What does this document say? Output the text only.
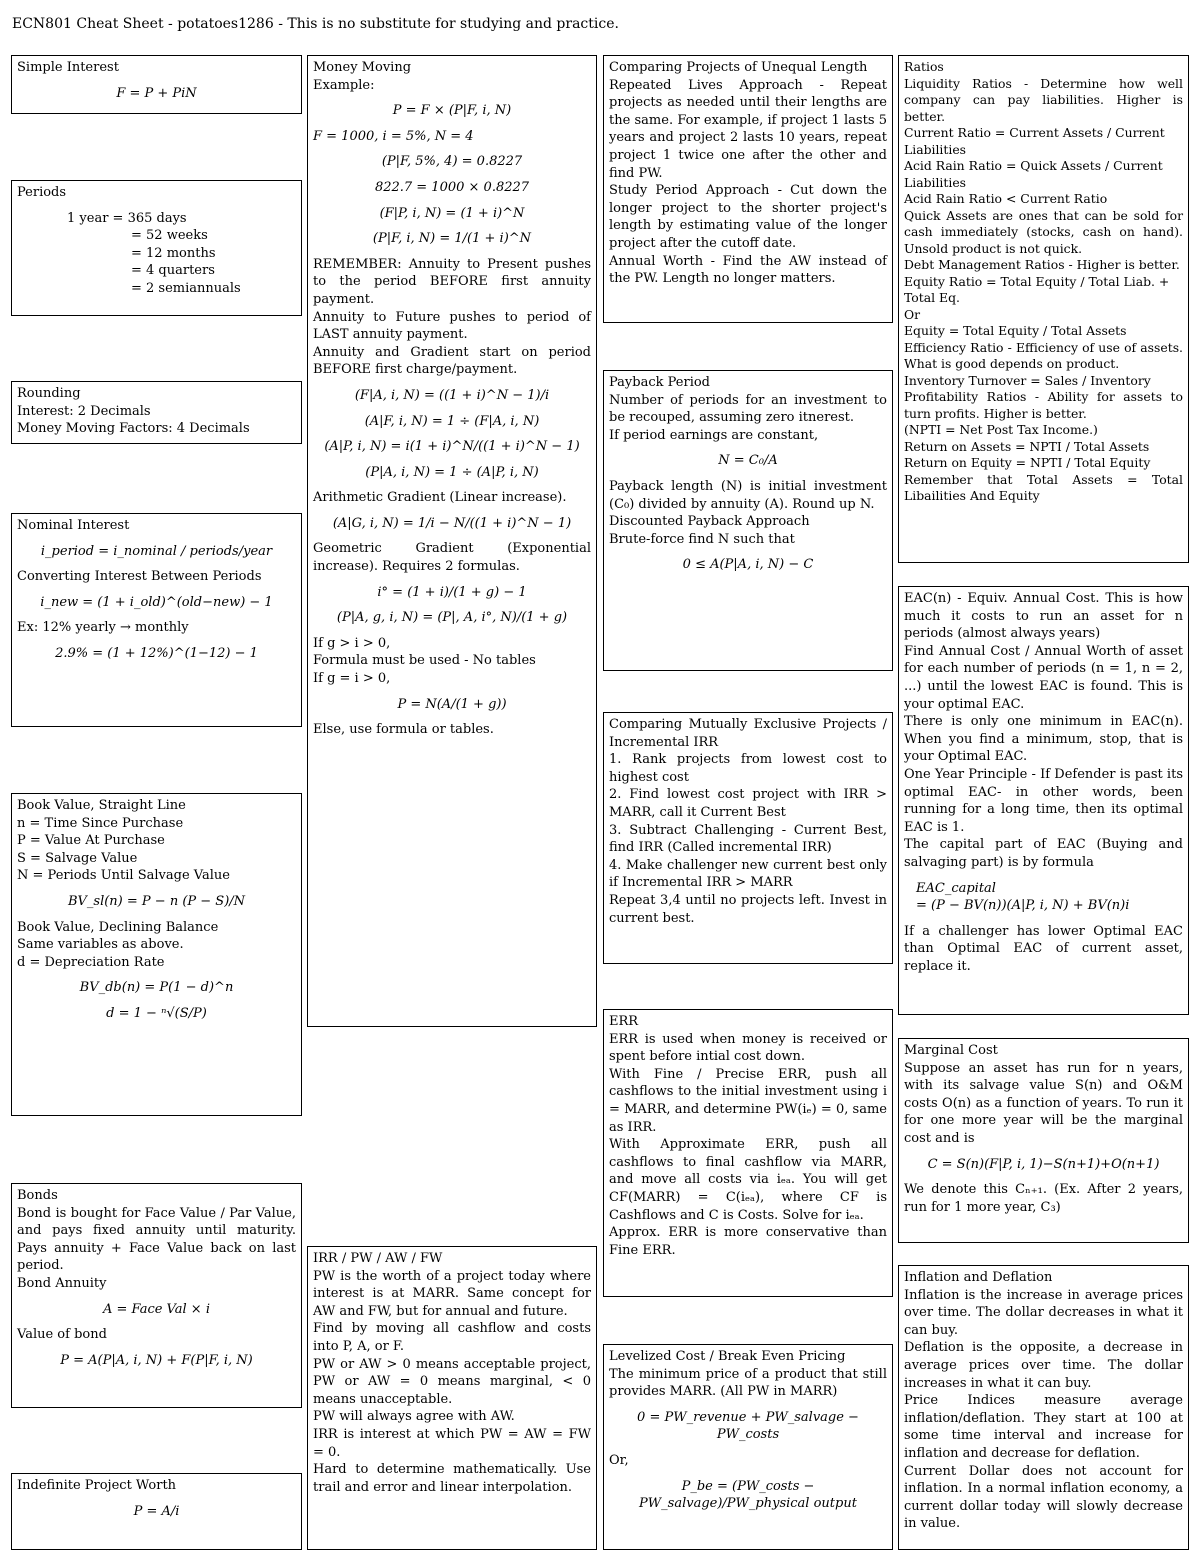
ECN801 Cheat Sheet - potatoes1286 - This is no substitute for studying and practice.

Simple Interest

F = P + PiN

Periods

1 year = 365 days

= 52 weeks

= 12 months

= 4 quarters

= 2 semiannuals

Rounding

Interest: 2 Decimals

Money Moving Factors: 4 Decimals

Nominal Interest

i_period = i_nominal / periods/year

Converting Interest Between Periods

i_new = (1 + i_old)^(old−new) − 1

Ex: 12% yearly → monthly

2.9% = (1 + 12%)^(1−12) − 1

Book Value, Straight Line

n = Time Since Purchase

P = Value At Purchase

S = Salvage Value

N = Periods Until Salvage Value

BV_sl(n) = P − n (P − S)/N

Book Value, Declining Balance

Same variables as above.

d = Depreciation Rate

BV_db(n) = P(1 − d)^n

d = 1 − ⁿ√(S/P)

Bonds

Bond is bought for Face Value / Par Value, and pays fixed annuity until maturity. Pays annuity + Face Value back on last period.

Bond Annuity

A = Face Val × i

Value of bond

P = A(P|A, i, N) + F(P|F, i, N)

Indefinite Project Worth

P = A/i

Money Moving

Example:

P = F × (P|F, i, N)

F = 1000, i = 5%, N = 4

(P|F, 5%, 4) = 0.8227

822.7 = 1000 × 0.8227

(F|P, i, N) = (1 + i)^N

(P|F, i, N) = 1/(1 + i)^N

REMEMBER: Annuity to Present pushes to the period BEFORE first annuity payment.

Annuity to Future pushes to period of LAST annuity payment.

Annuity and Gradient start on period BEFORE first charge/payment.

(F|A, i, N) = ((1 + i)^N − 1)/i

(A|F, i, N) = 1 ÷ (F|A, i, N)

(A|P, i, N) = i(1 + i)^N/((1 + i)^N − 1)

(P|A, i, N) = 1 ÷ (A|P, i, N)

Arithmetic Gradient (Linear increase).

(A|G, i, N) = 1/i − N/((1 + i)^N − 1)

Geometric Gradient (Exponential increase). Requires 2 formulas.

i° = (1 + i)/(1 + g) − 1

(P|A, g, i, N) = (P|, A, i°, N)/(1 + g)

If g > i > 0,

Formula must be used - No tables

If g = i > 0,

P = N(A/(1 + g))

Else, use formula or tables.

IRR / PW / AW / FW

PW is the worth of a project today where interest is at MARR. Same concept for AW and FW, but for annual and future.

Find by moving all cashflow and costs into P, A, or F.

PW or AW > 0 means acceptable project, PW or AW = 0 means marginal, < 0 means unacceptable.

PW will always agree with AW.

IRR is interest at which PW = AW = FW = 0.

Hard to determine mathematically. Use trail and error and linear interpolation.

Comparing Projects of Unequal Length

Repeated Lives Approach - Repeat projects as needed until their lengths are the same. For example, if project 1 lasts 5 years and project 2 lasts 10 years, repeat project 1 twice one after the other and find PW.

Study Period Approach - Cut down the longer project to the shorter project's length by estimating value of the longer project after the cutoff date.

Annual Worth - Find the AW instead of the PW. Length no longer matters.

Payback Period

Number of periods for an investment to be recouped, assuming zero itnerest.

If period earnings are constant,

N = C₀/A

Payback length (N) is initial investment (C₀) divided by annuity (A). Round up N.

Discounted Payback Approach

Brute-force find N such that

0 ≤ A(P|A, i, N) − C

Comparing Mutually Exclusive Projects / Incremental IRR

1. Rank projects from lowest cost to highest cost
2. Find lowest cost project with IRR > MARR, call it Current Best
3. Subtract Challenging - Current Best, find IRR (Called incremental IRR)
4. Make challenger new current best only if Incremental IRR > MARR

Repeat 3,4 until no projects left. Invest in current best.

ERR

ERR is used when money is received or spent before intial cost down.

With Fine / Precise ERR, push all cashflows to the initial investment using i = MARR, and determine PW(iₑ) = 0, same as IRR.

With Approximate ERR, push all cashflows to final cashflow via MARR, and move all costs via iₑₐ. You will get CF(MARR) = C(iₑₐ), where CF is Cashflows and C is Costs. Solve for iₑₐ.

Approx. ERR is more conservative than Fine ERR.

Levelized Cost / Break Even Pricing

The minimum price of a product that still provides MARR. (All PW in MARR)

0 = PW_revenue + PW_salvage − PW_costs

Or,

P_be = (PW_costs − PW_salvage)/PW_physical output

Ratios

Liquidity Ratios - Determine how well company can pay liabilities. Higher is better.

Current Ratio = Current Assets / Current Liabilities

Acid Rain Ratio = Quick Assets / Current Liabilities

Acid Rain Ratio < Current Ratio

Quick Assets are ones that can be sold for cash immediately (stocks, cash on hand). Unsold product is not quick.

Debt Management Ratios - Higher is better.

Equity Ratio = Total Equity / Total Liab. + Total Eq.

Or

Equity = Total Equity / Total Assets

Efficiency Ratio - Efficiency of use of assets. What is good depends on product.

Inventory Turnover = Sales / Inventory

Profitability Ratios - Ability for assets to turn profits. Higher is better.

(NPTI = Net Post Tax Income.)

Return on Assets = NPTI / Total Assets

Return on Equity = NPTI / Total Equity

Remember that Total Assets = Total Libailities And Equity

EAC(n) - Equiv. Annual Cost. This is how much it costs to run an asset for n periods (almost always years)

Find Annual Cost / Annual Worth of asset for each number of periods (n = 1, n = 2, ...) until the lowest EAC is found. This is your optimal EAC.

There is only one minimum in EAC(n). When you find a minimum, stop, that is your Optimal EAC.

One Year Principle - If Defender is past its optimal EAC- in other words, been running for a long time, then its optimal EAC is 1.

The capital part of EAC (Buying and salvaging part) is by formula

EAC_capital

= (P − BV(n))(A|P, i, N) + BV(n)i

If a challenger has lower Optimal EAC than Optimal EAC of current asset, replace it.

Marginal Cost

Suppose an asset has run for n years, with its salvage value S(n) and O&M costs O(n) as a function of years. To run it for one more year will be the marginal cost and is

C = S(n)(F|P, i, 1)−S(n+1)+O(n+1)

We denote this Cₙ₊₁. (Ex. After 2 years, run for 1 more year, C₃)

Inflation and Deflation

Inflation is the increase in average prices over time. The dollar decreases in what it can buy.

Deflation is the opposite, a decrease in average prices over time. The dollar increases in what it can buy.

Price Indices measure average inflation/deflation. They start at 100 at some time interval and increase for inflation and decrease for deflation.

Current Dollar does not account for inflation. In a normal inflation economy, a current dollar today will slowly decrease in value.
